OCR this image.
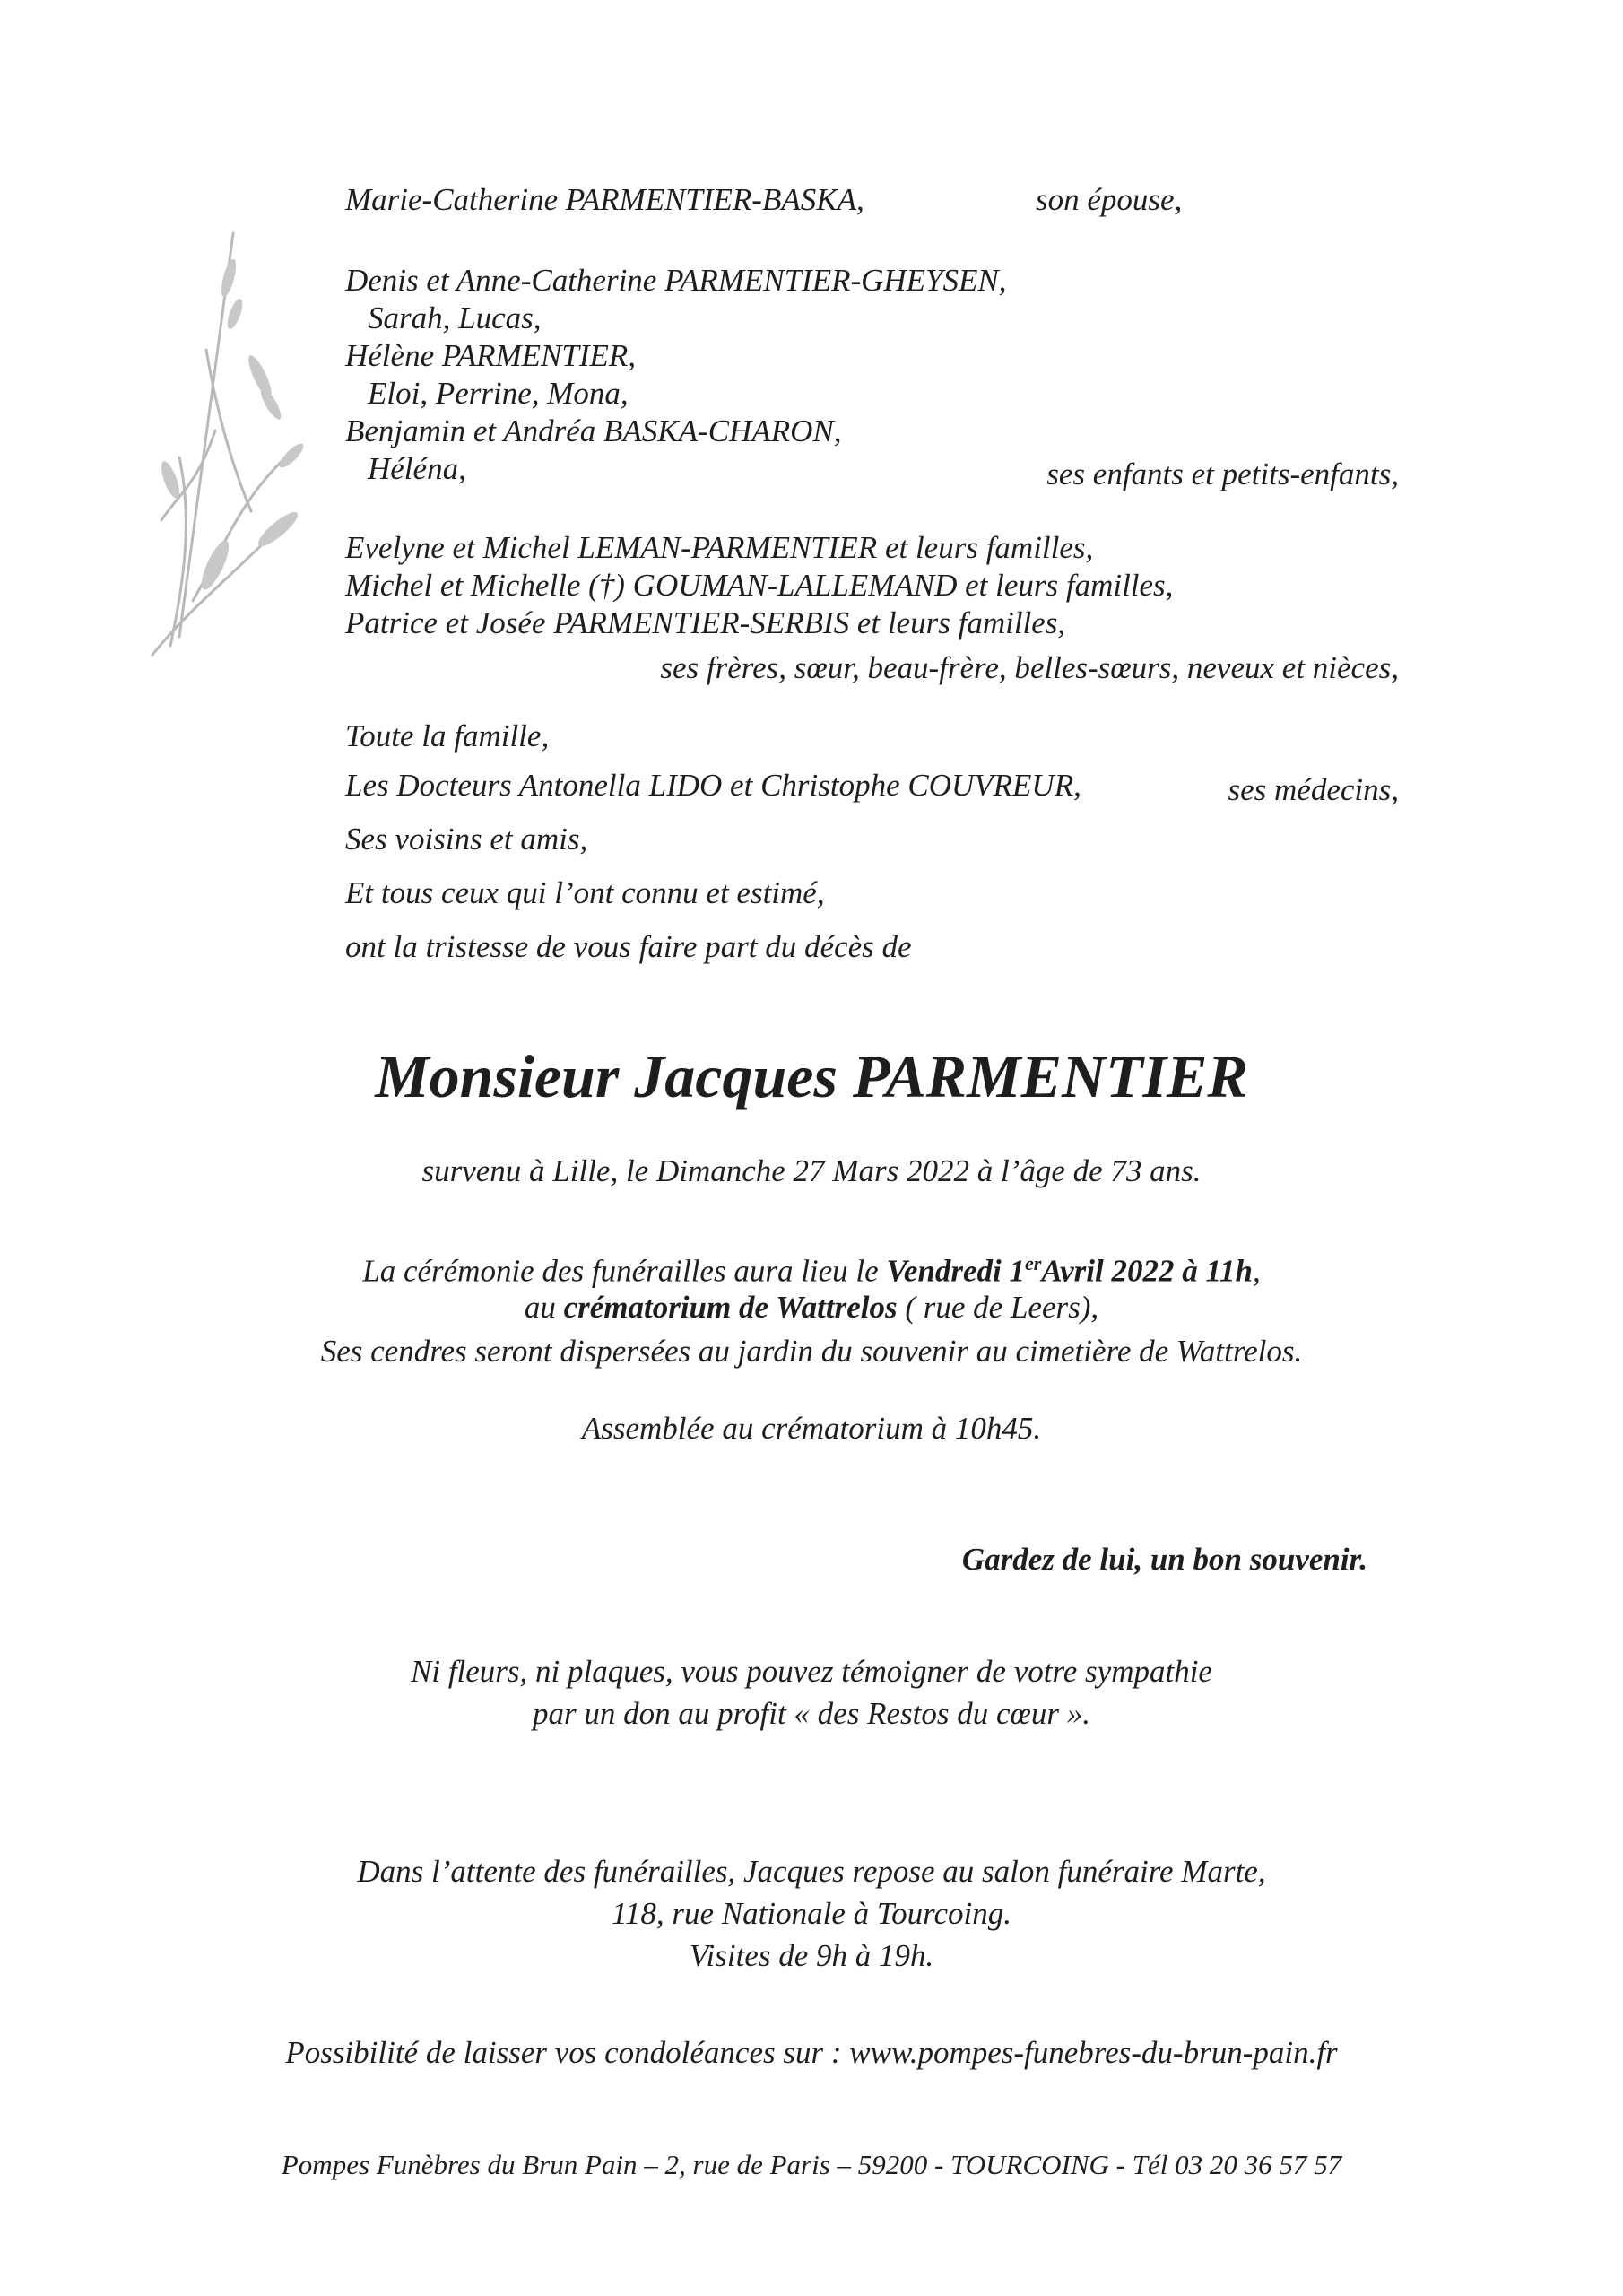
Marie-Catherine PARMENTIER-BASKA,	son épouse,
Denis et Anne-Catherine PARMENTIER-GHEYSEN,
Sarah, Lucas,
Hélène PARMENTIER,
Eloi, Perrine, Mona,
Benjamin et Andréa BASKA-CHARON,
Héléna,	ses enfants et petits-enfants,
Evelyne et Michel LEMAN-PARMENTIER et leurs familles,
Michel et Michelle (†) GOUMAN-LALLEMAND et leurs familles,
Patrice et Josée PARMENTIER-SERBIS et leurs familles,
ses frères, sœur, beau-frère, belles-sœurs, neveux et nièces,
Toute la famille,
Les Docteurs Antonella LIDO et Christophe COUVREUR,	ses médecins,
Ses voisins et amis,
Et tous ceux qui l’ont connu et estimé,
ont la tristesse de vous faire part du décès de
Monsieur Jacques PARMENTIER
survenu à Lille, le Dimanche 27 Mars 2022 à l’âge de 73 ans.
La cérémonie des funérailles aura lieu le Vendredi 1erAvril 2022 à 11h,
au crématorium de Wattrelos ( rue de Leers),
Ses cendres seront dispersées au jardin du souvenir au cimetière de Wattrelos.
Assemblée au crématorium à 10h45.
Gardez de lui, un bon souvenir.
Ni fleurs, ni plaques, vous pouvez témoigner de votre sympathie
par un don au profit « des Restos du cœur ».
Dans l’attente des funérailles, Jacques repose au salon funéraire Marte,
118, rue Nationale à Tourcoing.
Visites de 9h à 19h.
Possibilité de laisser vos condoléances sur : www.pompes-funebres-du-brun-pain.fr
Pompes Funèbres du Brun Pain – 2, rue de Paris – 59200 - TOURCOING - Tél 03 20 36 57 57
